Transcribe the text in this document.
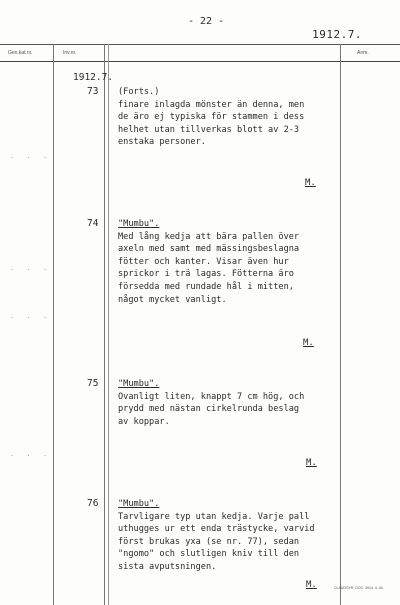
- 22 -
1912.7.
Gen.kat.nr.	Inv.nr.	Anm.
1912.7.
73 (Forts.)
finare inlagda mönster än denna, men
de äro ej typiska för stammen i dess
helhet utan tillverkas blott av 2-3
enstaka personer.
M.
74 "Mumbu".
Med lång kedja att bära pallen över
axeln med samt med mässingsbeslagna
fötter och kanter. Visar även hur
sprickor i trä lagas. Fötterna äro
försedda med rundade hål i mitten,
något mycket vanligt.
M.
75 "Mumbu".
Ovanligt liten, knappt 7 cm hög, och
prydd med nästan cirkelrunda beslag
av koppar.
M.
76 "Mumbu".
Tarvligare typ utan kedja. Varje pall
uthugges ur ett enda trästycke, varvid
först brukas yxa (se nr. 77), sedan
"ngomo" och slutligen kniv till den
sista avputsningen.
M.
. . .
. . .
. . .
. . .
CLAUDGYR. DOC. 4914. 4. 44.
